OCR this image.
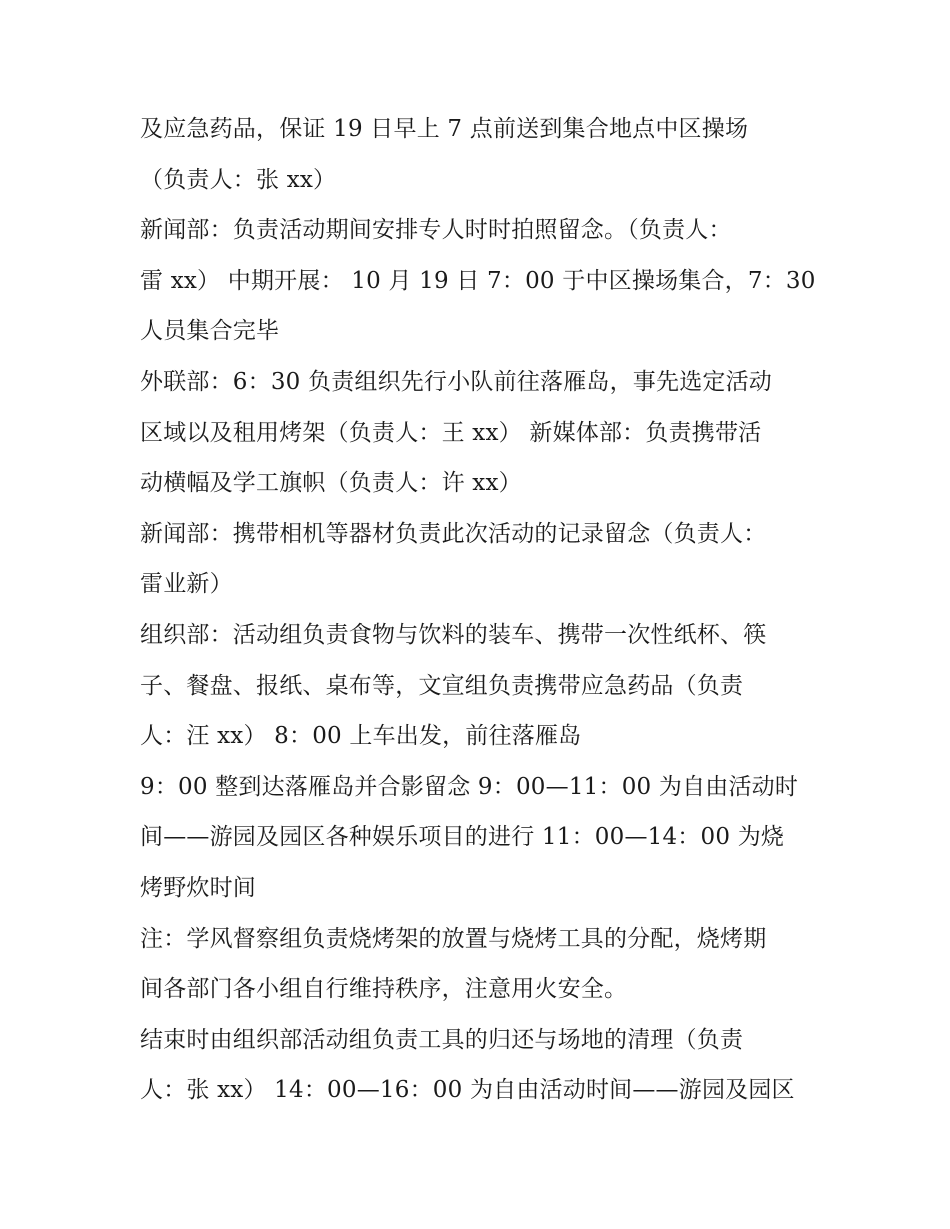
及应急药品，保证 19 日早上 7 点前送到集合地点中区操场
（负责人：张 xx）
新闻部：负责活动期间安排专人时时拍照留念。（负责人：
雷 xx） 中期开展： 10 月 19 日 7：00 于中区操场集合，7：30
人员集合完毕
外联部：6：30 负责组织先行小队前往落雁岛，事先选定活动
区域以及租用烤架（负责人：王 xx） 新媒体部：负责携带活
动横幅及学工旗帜（负责人：许 xx）
新闻部：携带相机等器材负责此次活动的记录留念（负责人：
雷业新）
组织部：活动组负责食物与饮料的装车、携带一次性纸杯、筷
子、餐盘、报纸、桌布等，文宣组负责携带应急药品（负责
人：汪 xx） 8：00 上车出发，前往落雁岛
9：00 整到达落雁岛并合影留念 9：00—11：00 为自由活动时
间——游园及园区各种娱乐项目的进行 11：00—14：00 为烧
烤野炊时间
注：学风督察组负责烧烤架的放置与烧烤工具的分配，烧烤期
间各部门各小组自行维持秩序，注意用火安全。
结束时由组织部活动组负责工具的归还与场地的清理（负责
人：张 xx） 14：00—16：00 为自由活动时间——游园及园区
